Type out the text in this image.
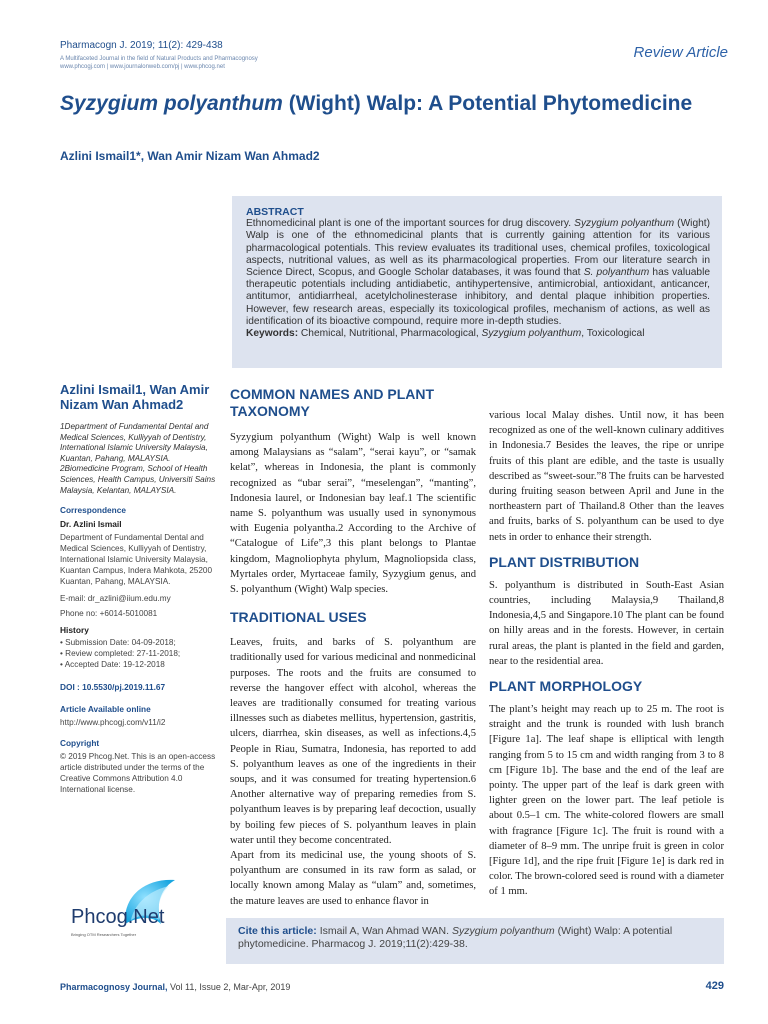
Pharmacogn J. 2019; 11(2): 429-438
A Multifaceted Journal in the field of Natural Products and Pharmacognosy
www.phcogj.com | www.journalonweb.com/pj | www.phcog.net
Review Article
Syzygium polyanthum (Wight) Walp: A Potential Phytomedicine
Azlini Ismail1*, Wan Amir Nizam Wan Ahmad2
ABSTRACT
Ethnomedicinal plant is one of the important sources for drug discovery. Syzygium polyanthum (Wight) Walp is one of the ethnomedicinal plants that is currently gaining attention for its various pharmacological potentials. This review evaluates its traditional uses, chemical profiles, toxicological aspects, nutritional values, as well as its pharmacological properties. From our literature search in Science Direct, Scopus, and Google Scholar databases, it was found that S. polyanthum has valuable therapeutic potentials including antidiabetic, antihypertensive, antimicrobial, antioxidant, anticancer, antitumor, antidiarrheal, acetylcholinesterase inhibitory, and dental plaque inhibition properties. However, few research areas, especially its toxicological profiles, mechanism of actions, as well as identification of its bioactive compound, require more in-depth studies.
Keywords: Chemical, Nutritional, Pharmacological, Syzygium polyanthum, Toxicological
Azlini Ismail1, Wan Amir Nizam Wan Ahmad2
1Department of Fundamental Dental and Medical Sciences, Kulliyyah of Dentistry, International Islamic University Malaysia, Kuantan, Pahang, MALAYSIA.
2Biomedicine Program, School of Health Sciences, Health Campus, Universiti Sains Malaysia, Kelantan, MALAYSIA.
Correspondence
Dr. Azlini Ismail
Department of Fundamental Dental and Medical Sciences, Kulliyyah of Dentistry, International Islamic University Malaysia, Kuantan Campus, Indera Mahkota, 25200 Kuantan, Pahang, MALAYSIA.
E-mail: dr_azlini@iium.edu.my
Phone no: +6014-5010081
History
• Submission Date: 04-09-2018;
• Review completed: 27-11-2018;
• Accepted Date: 19-12-2018
DOI : 10.5530/pj.2019.11.67
Article Available online
http://www.phcogj.com/v11/i2
Copyright
© 2019 Phcog.Net. This is an open-access article distributed under the terms of the Creative Commons Attribution 4.0 International license.
Phcog.Net
Bringing OTM Researchers Together
COMMON NAMES AND PLANT TAXONOMY

Syzygium polyanthum (Wight) Walp is well known among Malaysians as “salam”, “serai kayu”, or “samak kelat”, whereas in Indonesia, the plant is commonly recognized as “ubar serai”, “meselengan”, “manting”, Indonesia laurel, or Indonesian bay leaf.1 The scientific name S. polyanthum was usually used in synonymous with Eugenia polyantha.2 According to the Archive of “Catalogue of Life”,3 this plant belongs to Plantae kingdom, Magnoliophyta phylum, Magnoliopsida class, Myrtales order, Myrtaceae family, Syzygium genus, and S. polyanthum (Wight) Walp species.

TRADITIONAL USES

Leaves, fruits, and barks of S. polyanthum are traditionally used for various medicinal and nonmedicinal purposes. The roots and the fruits are consumed to reverse the hangover effect with alcohol, whereas the leaves are traditionally consumed for treating various illnesses such as diabetes mellitus, hypertension, gastritis, ulcers, diarrhea, skin diseases, as well as infections.4,5 People in Riau, Sumatra, Indonesia, has reported to add S. polyanthum leaves as one of the ingredients in their soups, and it was consumed for treating hypertension.6 Another alternative way of preparing remedies from S. polyanthum leaves is by preparing leaf decoction, usually by boiling few pieces of S. polyanthum leaves in plain water until they become concentrated.

Apart from its medicinal use, the young shoots of S. polyanthum are consumed in its raw form as salad, or locally known among Malay as “ulam” and, sometimes, the mature leaves are used to enhance flavor in

various local Malay dishes. Until now, it has been recognized as one of the well-known culinary additives in Indonesia.7 Besides the leaves, the ripe or unripe fruits of this plant are edible, and the taste is usually described as “sweet-sour.”8 The fruits can be harvested during fruiting season between April and June in the northeastern part of Thailand.8 Other than the leaves and fruits, barks of S. polyanthum can be used to dye nets in order to enhance their strength.

PLANT DISTRIBUTION

S. polyanthum is distributed in South-East Asian countries, including Malaysia,9 Thailand,8 Indonesia,4,5 and Singapore.10 The plant can be found on hilly areas and in the forests. However, in certain rural areas, the plant is planted in the field and garden, near to the residential area.

PLANT MORPHOLOGY

The plant’s height may reach up to 25 m. The root is straight and the trunk is rounded with lush branch [Figure 1a]. The leaf shape is elliptical with length ranging from 5 to 15 cm and width ranging from 3 to 8 cm [Figure 1b]. The base and the end of the leaf are pointy. The upper part of the leaf is dark green with lighter green on the lower part. The leaf petiole is about 0.5–1 cm. The white-colored flowers are small with fragrance [Figure 1c]. The fruit is round with a diameter of 8–9 mm. The unripe fruit is green in color [Figure 1d], and the ripe fruit [Figure 1e] is dark red in color. The brown-colored seed is round with a diameter of 1 mm.

Cite this article: Ismail A, Wan Ahmad WAN. Syzygium polyanthum (Wight) Walp: A potential phytomedicine. Pharmacog J. 2019;11(2):429-38.
Pharmacognosy Journal, Vol 11, Issue 2, Mar-Apr, 2019	429
